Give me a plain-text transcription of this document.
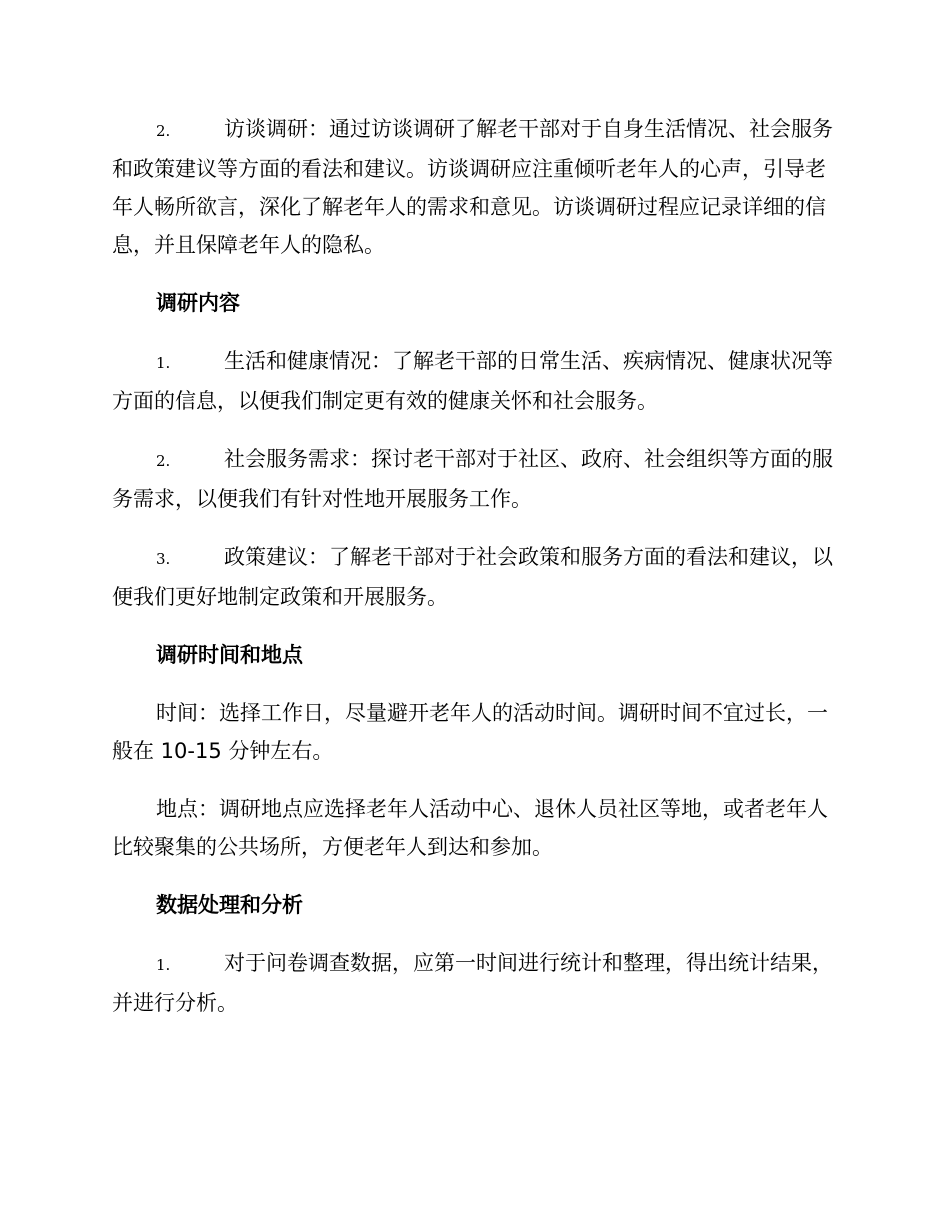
2.	访谈调研：通过访谈调研了解老干部对于自身生活情况、社会服务和政策建议等方面的看法和建议。访谈调研应注重倾听老年人的心声，引导老年人畅所欲言，深化了解老年人的需求和意见。访谈调研过程应记录详细的信息，并且保障老年人的隐私。

调研内容

1.	生活和健康情况：了解老干部的日常生活、疾病情况、健康状况等方面的信息，以便我们制定更有效的健康关怀和社会服务。

2.	社会服务需求：探讨老干部对于社区、政府、社会组织等方面的服务需求，以便我们有针对性地开展服务工作。

3.	政策建议：了解老干部对于社会政策和服务方面的看法和建议，以便我们更好地制定政策和开展服务。

调研时间和地点

时间：选择工作日，尽量避开老年人的活动时间。调研时间不宜过长，一般在 10-15 分钟左右。

地点：调研地点应选择老年人活动中心、退休人员社区等地，或者老年人比较聚集的公共场所，方便老年人到达和参加。

数据处理和分析

1.	对于问卷调查数据，应第一时间进行统计和整理，得出统计结果，并进行分析。
